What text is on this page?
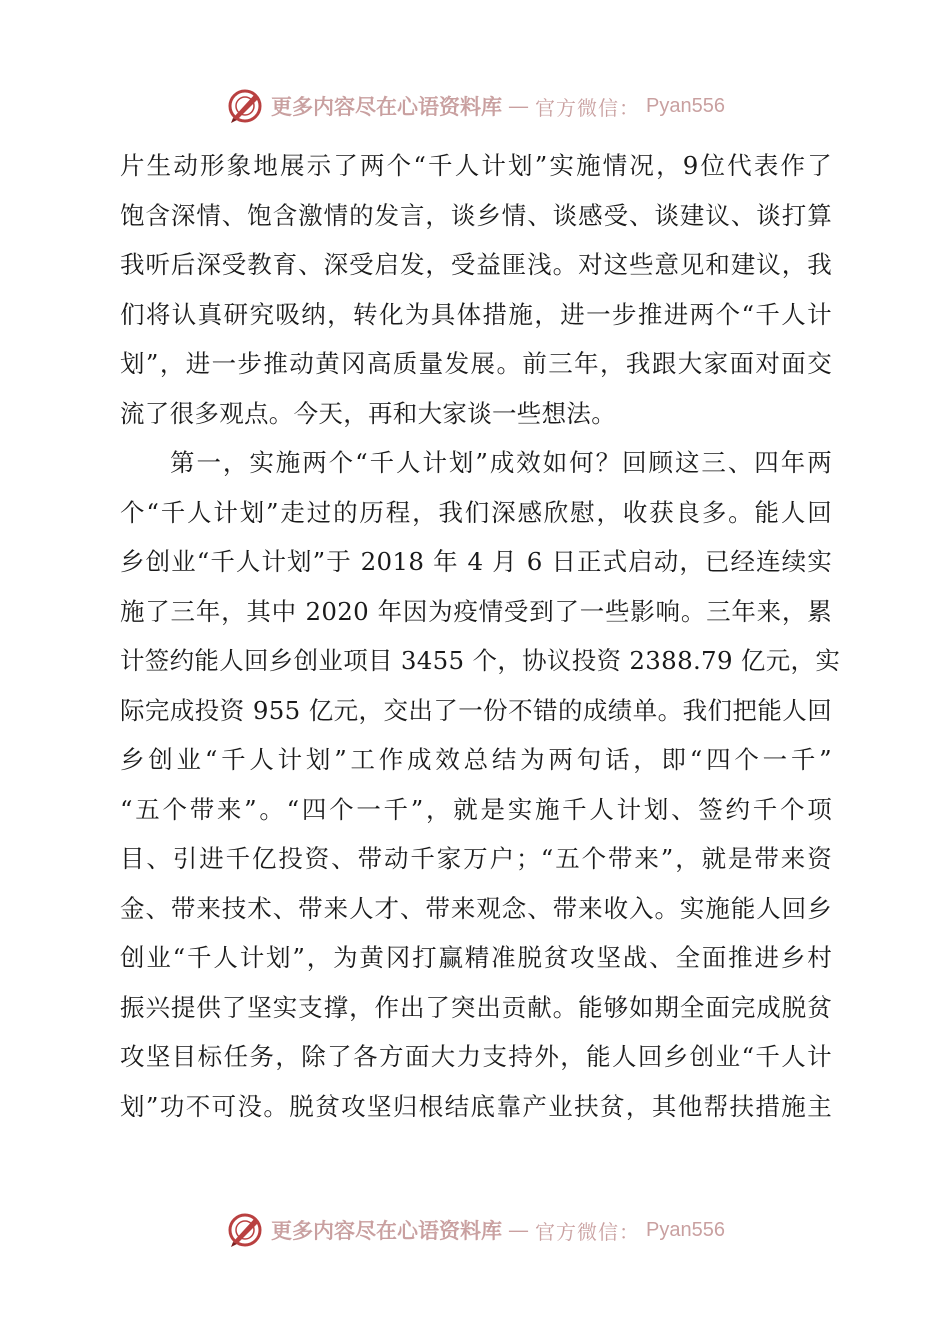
更多内容尽在心语资料库 — 官方微信： Pyan556
片生动形象地展示了两个“千人计划”实施情况，9位代表作了
饱含深情、饱含激情的发言，谈乡情、谈感受、谈建议、谈打算
我听后深受教育、深受启发，受益匪浅。对这些意见和建议，我
们将认真研究吸纳，转化为具体措施，进一步推进两个“千人计
划”，进一步推动黄冈高质量发展。前三年，我跟大家面对面交
流了很多观点。今天，再和大家谈一些想法。
第一，实施两个“千人计划”成效如何？回顾这三、四年两
个“千人计划”走过的历程，我们深感欣慰，收获良多。能人回
乡创业“千人计划”于 2018 年 4 月 6 日正式启动，已经连续实
施了三年，其中 2020 年因为疫情受到了一些影响。三年来，累
计签约能人回乡创业项目 3455 个，协议投资 2388.79 亿元，实
际完成投资 955 亿元，交出了一份不错的成绩单。我们把能人回
乡创业“千人计划”工作成效总结为两句话，即“四个一千”
“五个带来”。“四个一千”，就是实施千人计划、签约千个项
目、引进千亿投资、带动千家万户；“五个带来”，就是带来资
金、带来技术、带来人才、带来观念、带来收入。实施能人回乡
创业“千人计划”，为黄冈打赢精准脱贫攻坚战、全面推进乡村
振兴提供了坚实支撑，作出了突出贡献。能够如期全面完成脱贫
攻坚目标任务，除了各方面大力支持外，能人回乡创业“千人计
划”功不可没。脱贫攻坚归根结底靠产业扶贫，其他帮扶措施主
更多内容尽在心语资料库 — 官方微信： Pyan556
